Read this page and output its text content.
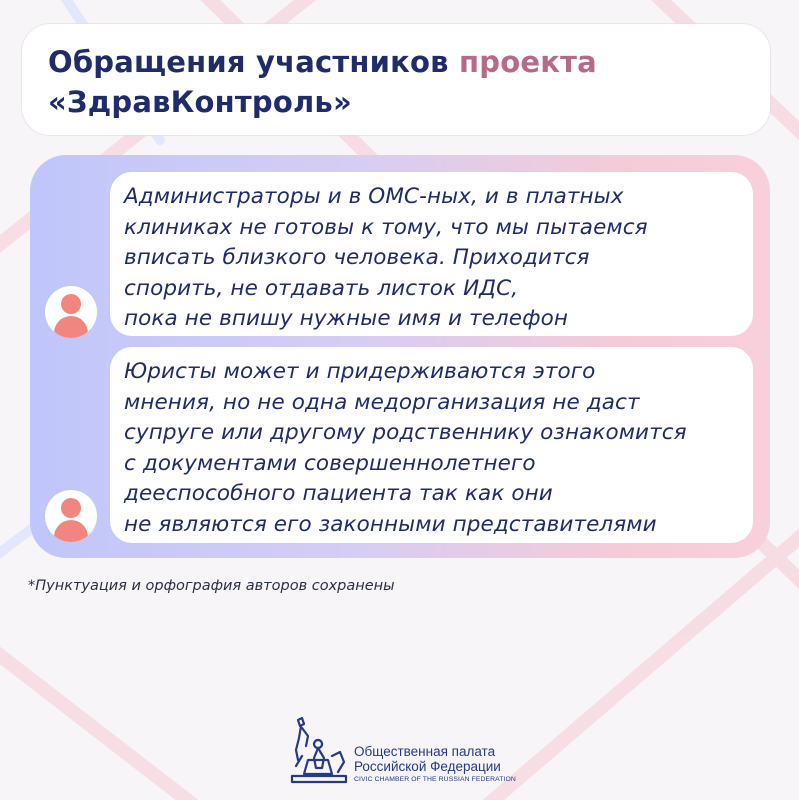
Обращения участников проекта
«ЗдравКонтроль»

Администраторы и в ОМС-ных, и в платных
клиниках не готовы к тому, что мы пытаемся
вписать близкого человека. Приходится
спорить, не отдавать листок ИДС,
пока не впишу нужные имя и телефон

Юристы может и придерживаются этого
мнения, но не одна медорганизация не даст
супруге или другому родственнику ознакомится
с документами совершеннолетнего
дееспособного пациента так как они
не являются его законными представителями

*Пунктуация и орфография авторов сохранены
Общественная палата
Российской Федерации
CIVIC CHAMBER OF THE RUSSIAN FEDERATION
